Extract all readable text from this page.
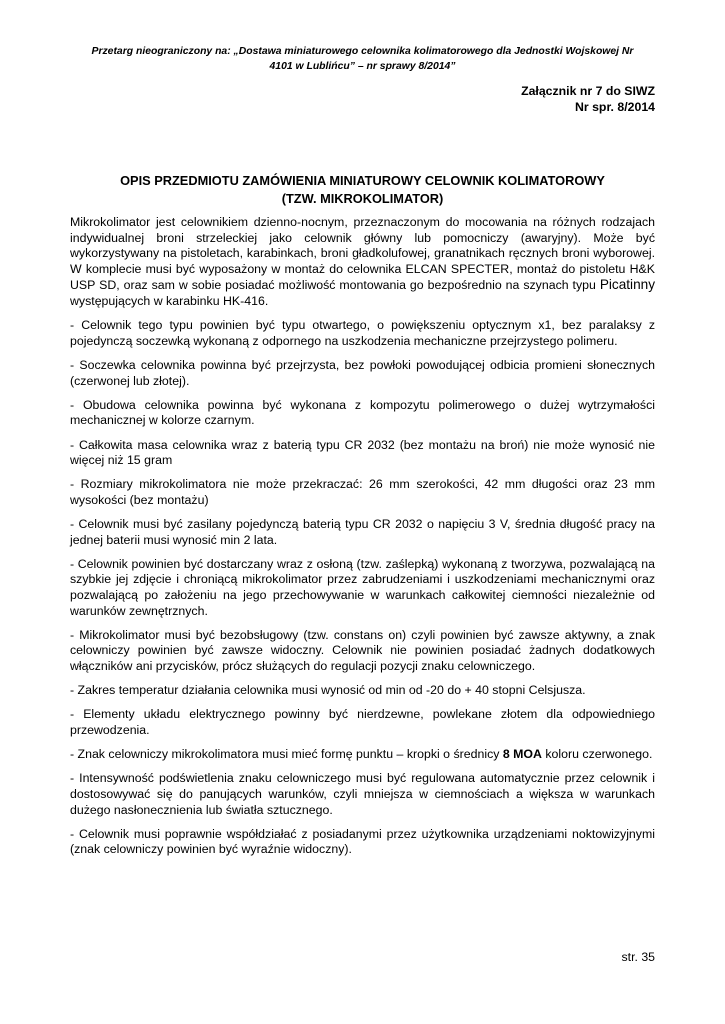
Przetarg nieograniczony na: „Dostawa miniaturowego celownika kolimatorowego dla Jednostki Wojskowej Nr
4101 w Lublińcu” – nr sprawy 8/2014”
Załącznik nr 7 do SIWZ
Nr spr. 8/2014
OPIS PRZEDMIOTU ZAMÓWIENIA MINIATUROWY CELOWNIK KOLIMATOROWY
(TZW. MIKROKOLIMATOR)

Mikrokolimator jest celownikiem dzienno-nocnym, przeznaczonym do mocowania na różnych rodzajach indywidualnej broni strzeleckiej jako celownik główny lub pomocniczy (awaryjny). Może być wykorzystywany na pistoletach, karabinkach, broni gładkolufowej, granatnikach ręcznych broni wyborowej. W komplecie musi być wyposażony w montaż do celownika ELCAN SPECTER, montaż do pistoletu H&K USP SD, oraz sam w sobie posiadać możliwość montowania go bezpośrednio na szynach typu Picatinny występujących w karabinku HK-416.

- Celownik tego typu powinien być typu otwartego, o powiększeniu optycznym x1, bez paralaksy z pojedynczą soczewką wykonaną z odpornego na uszkodzenia mechaniczne przejrzystego polimeru.

- Soczewka celownika powinna być przejrzysta, bez powłoki powodującej odbicia promieni słonecznych (czerwonej lub złotej).

- Obudowa celownika powinna być wykonana z kompozytu polimerowego o dużej wytrzymałości mechanicznej w kolorze czarnym.

- Całkowita masa celownika wraz z baterią typu CR 2032 (bez montażu na broń) nie może wynosić nie więcej niż 15 gram

- Rozmiary mikrokolimatora nie może przekraczać: 26 mm szerokości, 42 mm długości oraz 23 mm wysokości (bez montażu)

- Celownik musi być zasilany pojedynczą baterią typu CR 2032 o napięciu 3 V, średnia długość pracy na jednej baterii musi wynosić min 2 lata.

- Celownik powinien być dostarczany wraz z osłoną (tzw. zaślepką) wykonaną z tworzywa, pozwalającą na szybkie jej zdjęcie i chroniącą mikrokolimator przez zabrudzeniami i uszkodzeniami mechanicznymi oraz pozwalającą po założeniu na jego przechowywanie w warunkach całkowitej ciemności niezależnie od warunków zewnętrznych.

- Mikrokolimator musi być bezobsługowy (tzw. constans on) czyli powinien być zawsze aktywny, a znak celowniczy powinien być zawsze widoczny. Celownik nie powinien posiadać żadnych dodatkowych włączników ani przycisków, prócz służących do regulacji pozycji znaku celowniczego.

- Zakres temperatur działania celownika musi wynosić od min od -20 do + 40 stopni Celsjusza.

- Elementy układu elektrycznego powinny być nierdzewne, powlekane złotem dla odpowiedniego przewodzenia.

- Znak celowniczy mikrokolimatora musi mieć formę punktu – kropki o średnicy 8 MOA koloru czerwonego.

- Intensywność podświetlenia znaku celowniczego musi być regulowana automatycznie przez celownik i dostosowywać się do panujących warunków, czyli mniejsza w ciemnościach a większa w warunkach dużego nasłonecznienia lub światła sztucznego.

- Celownik musi poprawnie współdziałać z posiadanymi przez użytkownika urządzeniami noktowizyjnymi (znak celowniczy powinien być wyraźnie widoczny).

str. 35
